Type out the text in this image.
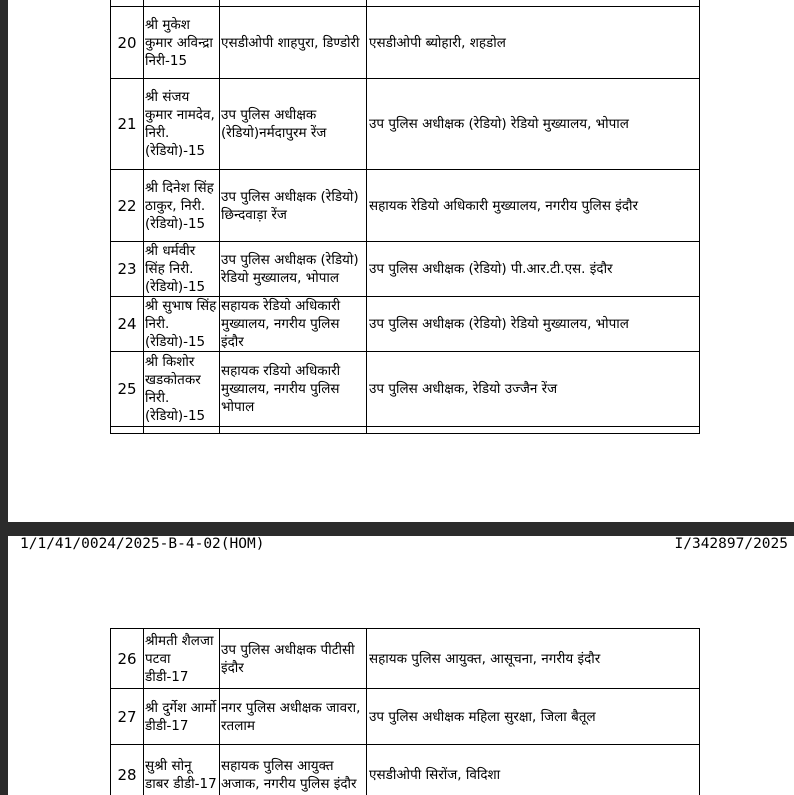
20	श्री मुकेश कुमार अविन्द्रा निरी-15	एसडीओपी शाहपुरा, डिण्डोरी	एसडीओपी ब्योहारी, शहडोल
21	श्री संजय कुमार नामदेव, निरी. (रेडियो)-15	उप पुलिस अधीक्षक (रेडियो)नर्मदापुरम रेंज	उप पुलिस अधीक्षक (रेडियो) रेडियो मुख्यालय, भोपाल
22	श्री दिनेश सिंह ठाकुर, निरी. (रेडियो)-15	उप पुलिस अधीक्षक (रेडियो) छिन्दवाड़ा रेंज	सहायक रेडियो अधिकारी मुख्यालय, नगरीय पुलिस इंदौर
23	श्री धर्मवीर सिंह निरी. (रेडियो)-15	उप पुलिस अधीक्षक (रेडियो) रेडियो मुख्यालय, भोपाल	उप पुलिस अधीक्षक (रेडियो) पी.आर.टी.एस. इंदौर
24	श्री सुभाष सिंह निरी. (रेडियो)-15	सहायक रेडियो अधिकारी मुख्यालय, नगरीय पुलिस इंदौर	उप पुलिस अधीक्षक (रेडियो) रेडियो मुख्यालय, भोपाल
25	श्री किशोर खडकोतकर निरी. (रेडियो)-15	सहायक रडियो अधिकारी मुख्यालय, नगरीय पुलिस भोपाल	उप पुलिस अधीक्षक, रेडियो उज्जैन रेंज

1/1/41/0024/2025-B-4-02(HOM)	I/342897/2025
26	श्रीमती शैलजा पटवा डीडी-17	उप पुलिस अधीक्षक पीटीसी इंदौर	सहायक पुलिस आयुक्त, आसूचना, नगरीय इंदौर
27	श्री दुर्गेश आर्मो डीडी-17	नगर पुलिस अधीक्षक जावरा, रतलाम	उप पुलिस अधीक्षक महिला सुरक्षा, जिला बैतूल
28	सुश्री सोनू डाबर डीडी-17	सहायक पुलिस आयुक्त अजाक, नगरीय पुलिस इंदौर	एसडीओपी सिरोंज, विदिशा
